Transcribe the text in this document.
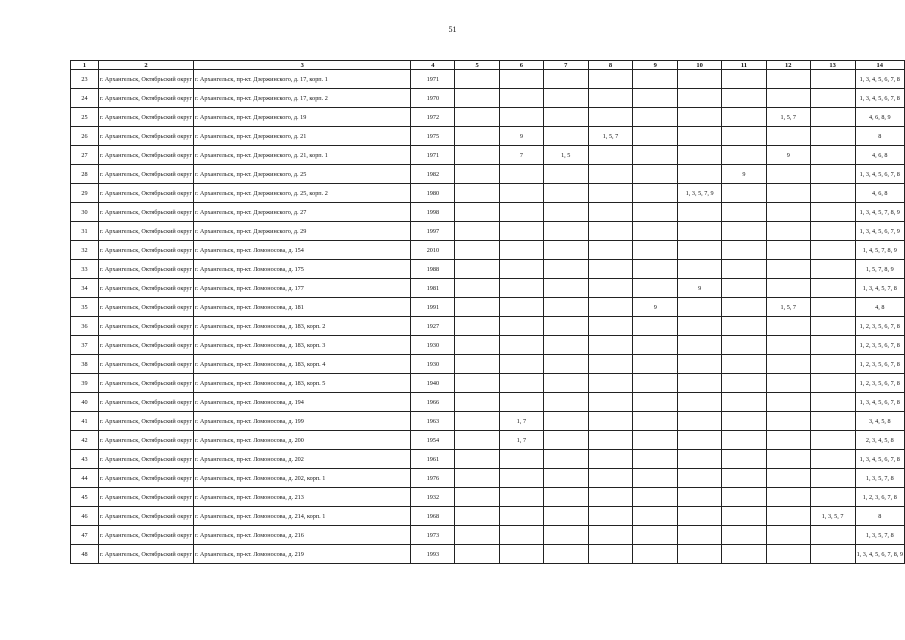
51
1	2	3	4	5	6	7	8	9	10	11	12	13	14
23	г. Архангельск, Октябрьский округ	г. Архангельск, пр-кт. Дзержинского, д. 17, корп. 1	1971										1, 3, 4, 5, 6, 7, 8
24	г. Архангельск, Октябрьский округ	г. Архангельск, пр-кт. Дзержинского, д. 17, корп. 2	1970										1, 3, 4, 5, 6, 7, 8
25	г. Архангельск, Октябрьский округ	г. Архангельск, пр-кт. Дзержинского, д. 19	1972								1, 5, 7		4, 6, 8, 9
26	г. Архангельск, Октябрьский округ	г. Архангельск, пр-кт. Дзержинского, д. 21	1975		9		1, 5, 7						8
27	г. Архангельск, Октябрьский округ	г. Архангельск, пр-кт. Дзержинского, д. 21, корп. 1	1971		7	1, 5					9		4, 6, 8
28	г. Архангельск, Октябрьский округ	г. Архангельск, пр-кт. Дзержинского, д. 25	1982							9			1, 3, 4, 5, 6, 7, 8
29	г. Архангельск, Октябрьский округ	г. Архангельск, пр-кт. Дзержинского, д. 25, корп. 2	1980						1, 3, 5, 7, 9				4, 6, 8
30	г. Архангельск, Октябрьский округ	г. Архангельск, пр-кт. Дзержинского, д. 27	1998										1, 3, 4, 5, 7, 8, 9
31	г. Архангельск, Октябрьский округ	г. Архангельск, пр-кт. Дзержинского, д. 29	1997										1, 3, 4, 5, 6, 7, 9
32	г. Архангельск, Октябрьский округ	г. Архангельск, пр-кт. Ломоносова, д. 154	2010										1, 4, 5, 7, 8, 9
33	г. Архангельск, Октябрьский округ	г. Архангельск, пр-кт. Ломоносова, д. 175	1988										1, 5, 7, 8, 9
34	г. Архангельск, Октябрьский округ	г. Архангельск, пр-кт. Ломоносова, д. 177	1981						9				1, 3, 4, 5, 7, 8
35	г. Архангельск, Октябрьский округ	г. Архангельск, пр-кт. Ломоносова, д. 181	1991					9			1, 5, 7		4, 8
36	г. Архангельск, Октябрьский округ	г. Архангельск, пр-кт. Ломоносова, д. 183, корп. 2	1927										1, 2, 3, 5, 6, 7, 8
37	г. Архангельск, Октябрьский округ	г. Архангельск, пр-кт. Ломоносова, д. 183, корп. 3	1930										1, 2, 3, 5, 6, 7, 8
38	г. Архангельск, Октябрьский округ	г. Архангельск, пр-кт. Ломоносова, д. 183, корп. 4	1930										1, 2, 3, 5, 6, 7, 8
39	г. Архангельск, Октябрьский округ	г. Архангельск, пр-кт. Ломоносова, д. 183, корп. 5	1940										1, 2, 3, 5, 6, 7, 8
40	г. Архангельск, Октябрьский округ	г. Архангельск, пр-кт. Ломоносова, д. 194	1966										1, 3, 4, 5, 6, 7, 8
41	г. Архангельск, Октябрьский округ	г. Архангельск, пр-кт. Ломоносова, д. 199	1963		1, 7								3, 4, 5, 8
42	г. Архангельск, Октябрьский округ	г. Архангельск, пр-кт. Ломоносова, д. 200	1954		1, 7								2, 3, 4, 5, 8
43	г. Архангельск, Октябрьский округ	г. Архангельск, пр-кт. Ломоносова, д. 202	1961										1, 3, 4, 5, 6, 7, 8
44	г. Архангельск, Октябрьский округ	г. Архангельск, пр-кт. Ломоносова, д. 202, корп. 1	1976										1, 3, 5, 7, 8
45	г. Архангельск, Октябрьский округ	г. Архангельск, пр-кт. Ломоносова, д. 213	1932										1, 2, 3, 6, 7, 8
46	г. Архангельск, Октябрьский округ	г. Архангельск, пр-кт. Ломоносова, д. 214, корп. 1	1968									1, 3, 5, 7	8
47	г. Архангельск, Октябрьский округ	г. Архангельск, пр-кт. Ломоносова, д. 216	1973										1, 3, 5, 7, 8
48	г. Архангельск, Октябрьский округ	г. Архангельск, пр-кт. Ломоносова, д. 219	1993										1, 3, 4, 5, 6, 7, 8, 9
